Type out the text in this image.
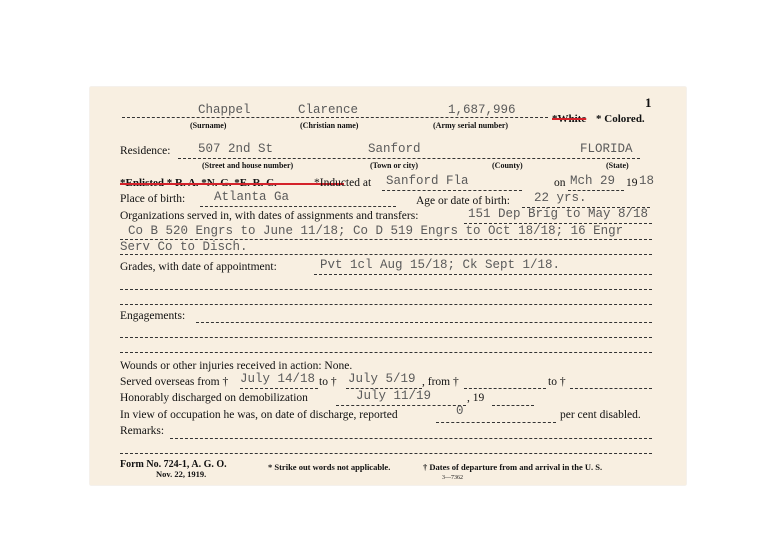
1
Chappel	Clarence	1,687,996
(Surname)	(Christian name)	(Army serial number)
*White * Colored.
Residence: 507 2nd St	Sanford	FLORIDA
(Street and house number)	(Town or city)	(County)	(State)
*Inducted at Sanford Fla	on Mch 29 19 18
Place of birth: Atlanta Ga	Age or date of birth: 22 yrs.
Organizations served in, with dates of assignments and transfers:	151 Dep Brig to May 8/18
Co B 520 Engrs to June 11/18; Co D 519 Engrs to Oct 18/18; 16 Engr
Serv Co to Disch.
Grades, with date of appointment:	Pvt 1cl Aug 15/18; Ck Sept 1/18.
Engagements:
Wounds or other injuries received in action: None.
Served overseas from † July 14/18 to † July 5/19 , from †	to †
Honorably discharged on demobilization	July 11/19	, 19
In view of occupation he was, on date of discharge, reported	0	per cent disabled.
Remarks:
Form No. 724-1, A. G. O.
Nov. 22, 1919.
* Strike out words not applicable.	† Dates of departure from and arrival in the U. S.
3—7362
